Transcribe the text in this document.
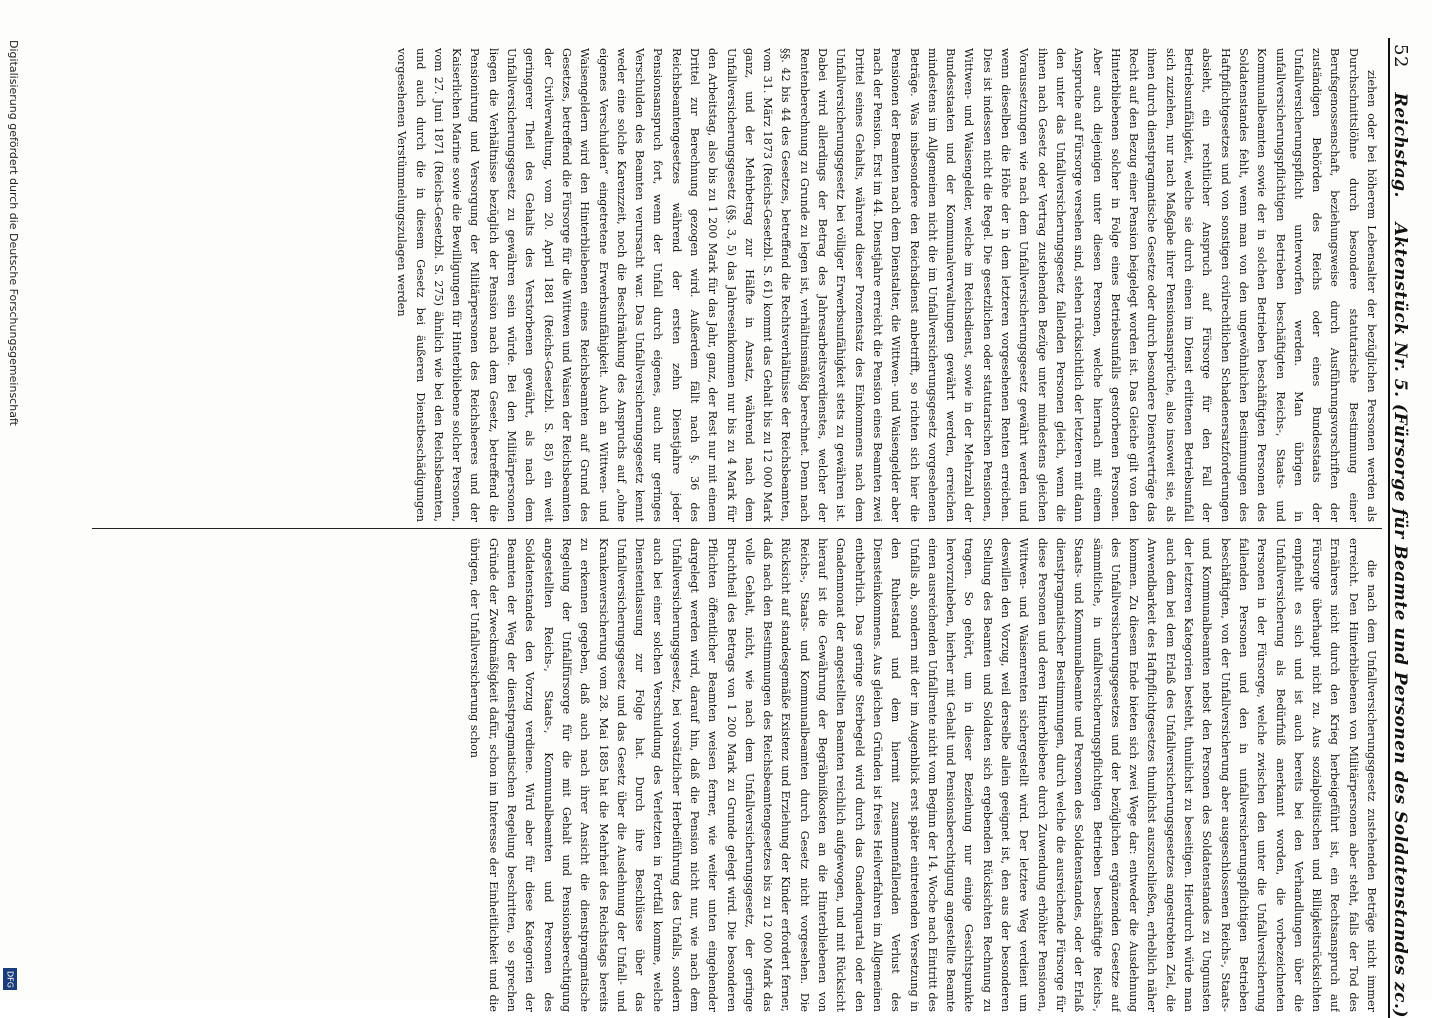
52
Reichstag.
Aktenstück Nr. 5. (Fürsorge für Beamte und Personen des Soldatenstandes zc.)

ziehen oder bei höherem Lebensalter der bezüglichen Personen werden als Durchschnittslöhne durch besondere statutarische Bestimmung einer Berufsgenossenschaft, beziehungsweise durch Ausführungsvorschriften der zuständigen Behörden des Reichs oder eines Bundesstaats der Unfallversicherungspflicht unterworfen werden. Man übrigen in unfallversicherungspflichtigen Betrieben beschäftigten Reichs-, Staats- und Kommunalbeamten sowie der in solchen Betrieben beschäftigten Personen des Soldatenstandes fehlt, wenn man von den ungewöhnlichen Bestimmungen des Haftpflichtgesetzes und von sonstigen civilrechtlichen Schadenersatzforderungen absieht, ein rechtlicher Anspruch auf Fürsorge für den Fall der Betriebsunfähigkeit, welche sie durch einen im Dienst erlittenen Betriebsunfall sich zuziehen, nur nach Maßgabe ihrer Pensionsansprüche, also insoweit sie, als ihnen durch dienstpragmatische Gesetze oder durch besondere Dienstverträge das Recht auf den Bezug einer Pension beigelegt worden ist. Das Gleiche gilt von den Hinterbliebenen solcher in Folge eines Betriebsunfalls gestorbenen Personen. Aber auch diejenigen unter diesen Personen, welche hiernach mit einem Anspruche auf Fürsorge versehen sind, stehen rücksichtlich der letzteren mit dann den unter das Unfallversicherungsgesetz fallenden Personen gleich, wenn die ihnen nach Gesetz oder Vertrag zustehenden Bezüge unter mindestens gleichen Voraussetzungen wie nach dem Unfallversicherungsgesetz gewährt werden und wenn dieselben die Höhe der in dem letzteren vorgesehenen Renten erreichen. Dies ist indessen nicht die Regel. Die gesetzlichen oder statutarischen Pensionen, Wittwen- und Waisengelder, welche im Reichsdienst, sowie in der Mehrzahl der Bundesstaaten und der Kommunalverwaltungen gewährt werden, erreichen mindestens im Allgemeinen nicht die im Unfallversicherungsgesetz vorgesehenen Beträge. Was insbesondere den Reichsdienst anbetrifft, so richten sich hier die Pensionen der Beamten nach dem Dienstalter, die Wittwen- und Waisengelder aber nach der Pension. Erst im 44. Dienstjahre erreicht die Pension eines Beamten zwei Drittel seines Gehalts, während dieser Prozentsatz des Einkommens nach dem Unfallversicherungsgesetz bei völliger Erwerbsunfähigkeit stets zu gewähren ist. Dabei wird allerdings der Betrag des Jahresarbeitsverdienstes, welcher der Rentenberechnung zu Grunde zu legen ist, verhältnismäßig berechnet. Denn nach §§. 42 bis 44 des Gesetzes, betreffend die Rechtsverhältnisse der Reichsbeamten, vom 31. März 1873 (Reichs-Gesetzbl. S. 61) kommt das Gehalt bis zu 12 000 Mark ganz, und der Mehrbetrag zur Hälfte in Ansatz, während nach dem Unfallversicherungsgesetz (§§. 3, 5) das Jahreseinkommen nur bis zu 4 Mark für den Arbeitstag, also bis zu 1 200 Mark für das Jahr, ganz, der Rest nur mit einem Drittel zur Berechnung gezogen wird. Außerdem fällt nach §. 36 des Reichsbeamtengesetzes während der ersten zehn Dienstjahre jeder Pensionsanspruch fort, wenn der Unfall durch eigenes, auch nur geringes Verschulden des Beamten verursacht war. Das Unfallversicherungsgesetz kennt weder eine solche Karenzzeit, noch die Beschränkung des Anspruchs auf „ohne eigenes Verschulden“ eingetretene Erwerbsunfähigkeit. Auch an Wittwen- und Waisengeldern wird den Hinterbliebenen eines Reichsbeamten auf Grund des Gesetzes, betreffend die Fürsorge für die Wittwen und Waisen der Reichsbeamten der Civilverwaltung, vom 20. April 1881 (Reichs-Gesetzbl. S. 85) ein weit geringerer Theil des Gehalts des Verstorbenen gewährt, als nach dem Unfallversicherungsgesetz zu gewähren sein würde. Bei den Militärpersonen liegen die Verhältnisse bezüglich der Pension nach dem Gesetz, betreffend die Pensionirung und Versorgung der Militärpersonen des Reichsheeres und der Kaiserlichen Marine sowie die Bewilligungen für Hinterbliebene solcher Personen, vom 27. Juni 1871 (Reichs-Gesetzbl. S. 275) ähnlich wie bei den Reichsbeamten, und auch durch die in diesem Gesetz bei äußeren Dienstbeschädigungen vorgesehenen Verstümmelungszulagen werden

die nach dem Unfallversicherungsgesetz zustehenden Beträge nicht immer erreicht. Den Hinterbliebenen von Militärpersonen aber steht, falls der Tod des Ernährers nicht durch den Krieg herbeigeführt ist, ein Rechtsanspruch auf Fürsorge überhaupt nicht zu. Aus sozialpolitischen und Billigkeitsrücksichten empfiehlt es sich und ist auch bereits bei den Verhandlungen über die Unfallversicherung als Bedürfniß anerkannt worden, die vorbezeichneten Personen in der Fürsorge, welche zwischen den unter die Unfallversicherung fallenden Personen und den in unfallversicherungspflichtigen Betrieben beschäftigten, von der Unfallversicherung aber ausgeschlossenen Reichs-, Staats- und Kommunalbeamten nebst den Personen des Soldatenstandes zu Ungunsten der letzteren Kategorien besteht, thunlichst zu beseitigen. Hierdurch würde man auch dem bei dem Erlaß des Unfallversicherungsgesetzes angestrebten Ziel, die Anwendbarkeit des Haftpflichtgesetzes thunlichst auszuschließen, erheblich näher kommen. Zu diesem Ende bieten sich zwei Wege dar: entweder die Ausdehnung des Unfallversicherungsgesetzes und der bezüglichen ergänzenden Gesetze auf sämmtliche, in unfallversicherungspflichtigen Betrieben beschäftigte Reichs-, Staats- und Kommunalbeamte und Personen des Soldatenstandes, oder der Erlaß dienstpragmatischer Bestimmungen, durch welche die ausreichende Fürsorge für diese Personen und deren Hinterbliebene durch Zuwendung erhöhter Pensionen, Wittwen- und Waisenrenten sichergestellt wird. Der letztere Weg verdient um deswillen den Vorzug, weil derselbe allein geeignet ist, den aus der besonderen Stellung des Beamten und Soldaten sich ergebenden Rücksichten Rechnung zu tragen. So gehört, um in dieser Beziehung nur einige Gesichtspunkte hervorzuheben, hierher mit Gehalt und Pensionsberechtigung angestellte Beamte einen ausreichenden Unfallrente nicht vom Beginn der 14. Woche nach Eintritt des Unfalls ab, sondern mit der im Augenblick erst später eintretenden Versetzung in den Ruhestand und dem hiermit zusammenfallenden Verlust des Diensteinkommens. Aus gleichen Gründen ist freies Heilverfahren im Allgemeinen entbehrlich. Das geringe Sterbegeld wird durch das Gnadenquartal oder den Gnadenmonat der angestellten Beamten reichlich aufgewogen, und mit Rücksicht hierauf ist die Gewährung der Begräbnißkosten an die Hinterbliebenen von Reichs-, Staats- und Kommunalbeamten durch Gesetz nicht vorgesehen. Die Rücksicht auf standesgemäße Existenz und Erziehung der Kinder erfordert ferner, daß nach den Bestimmungen des Reichsbeamtengesetzes bis zu 12 000 Mark das volle Gehalt, nicht, wie nach dem Unfallversicherungsgesetz, der geringe Bruchtheil des Betrags von 1 200 Mark zu Grunde gelegt wird. Die besonderen Pflichten öffentlicher Beamten weisen ferner, wie weiter unten eingehender dargelegt werden wird, darauf hin, daß die Pension nicht nur, wie nach dem Unfallversicherungsgesetz, bei vorsätzlicher Herbeiführung des Unfalls, sondern auch bei einer solchen Verschuldung des Verletzten in Fortfall komme, welche Dienstentlassung zur Folge hat. Durch ihre Beschlüsse über das Unfallversicherungsgesetz und das Gesetz über die Ausdehnung der Unfall- und Krankenversicherung vom 28. Mai 1885 hat die Mehrheit des Reichstags bereits zu erkennen gegeben, daß auch nach ihrer Ansicht die dienstpragmatische Regelung der Unfallfürsorge für die mit Gehalt und Pensionsberechtigung angestellten Reichs-, Staats-, Kommunalbeamten und Personen des Soldatenstandes den Vorzug verdiene. Wird aber für diese Kategorien der Beamten der Weg der dienstpragmatischen Regelung beschritten, so sprechen Gründe der Zweckmäßigkeit dafür, schon im Interesse der Einheitlichkeit und die übrigen, der Unfallversicherung schon

Digitalisierung gefördert durch die Deutsche Forschungsgemeinschaft
DFG
